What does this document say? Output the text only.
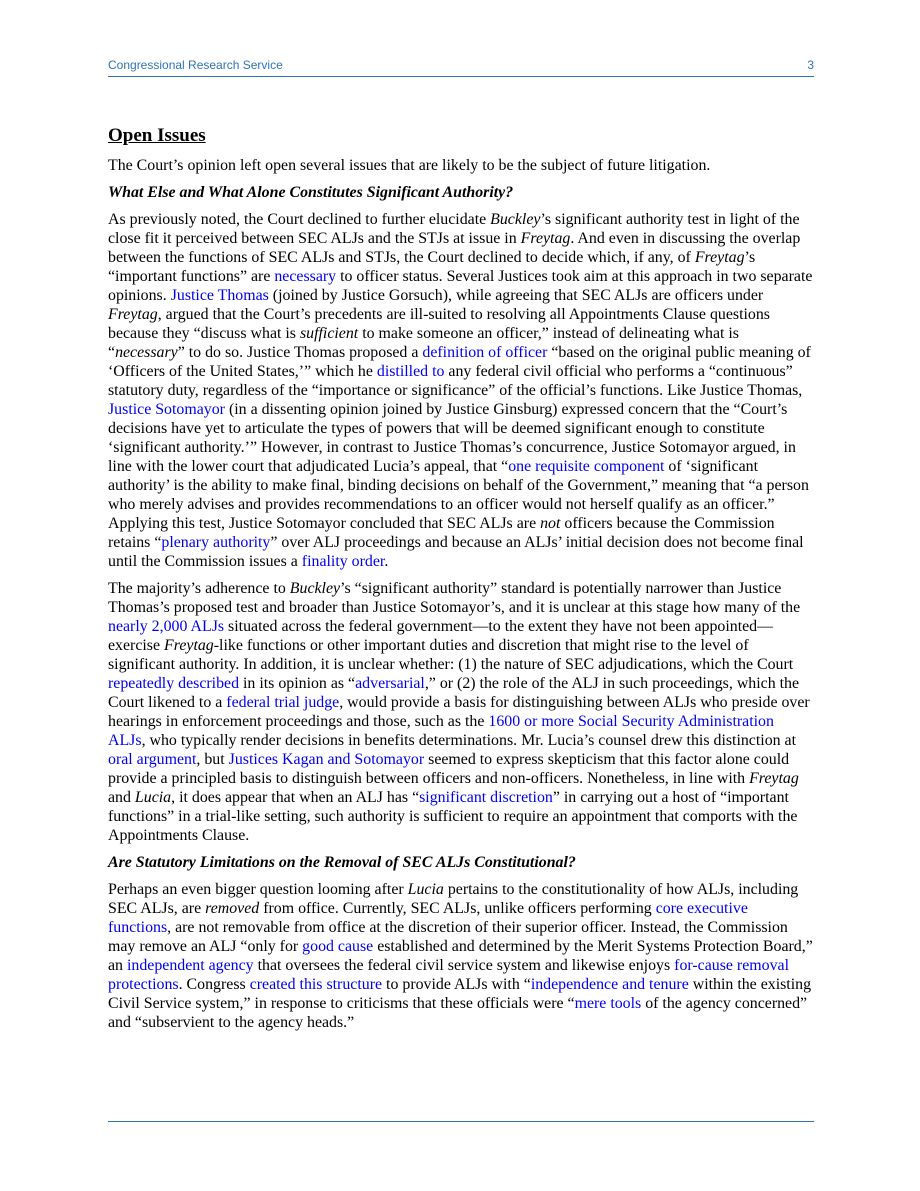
Congressional Research Service	3
Open Issues

The Court’s opinion left open several issues that are likely to be the subject of future litigation.

What Else and What Alone Constitutes Significant Authority?

As previously noted, the Court declined to further elucidate Buckley’s significant authority test in light of the close fit it perceived between SEC ALJs and the STJs at issue in Freytag. And even in discussing the overlap between the functions of SEC ALJs and STJs, the Court declined to decide which, if any, of Freytag’s “important functions” are necessary to officer status. Several Justices took aim at this approach in two separate opinions. Justice Thomas (joined by Justice Gorsuch), while agreeing that SEC ALJs are officers under Freytag, argued that the Court’s precedents are ill-suited to resolving all Appointments Clause questions because they “discuss what is sufficient to make someone an officer,” instead of delineating what is “necessary” to do so. Justice Thomas proposed a definition of officer “based on the original public meaning of ‘Officers of the United States,’” which he distilled to any federal civil official who performs a “continuous” statutory duty, regardless of the “importance or significance” of the official’s functions. Like Justice Thomas, Justice Sotomayor (in a dissenting opinion joined by Justice Ginsburg) expressed concern that the “Court’s decisions have yet to articulate the types of powers that will be deemed significant enough to constitute ‘significant authority.’” However, in contrast to Justice Thomas’s concurrence, Justice Sotomayor argued, in line with the lower court that adjudicated Lucia’s appeal, that “one requisite component of ‘significant authority’ is the ability to make final, binding decisions on behalf of the Government,” meaning that “a person who merely advises and provides recommendations to an officer would not herself qualify as an officer.” Applying this test, Justice Sotomayor concluded that SEC ALJs are not officers because the Commission retains “plenary authority” over ALJ proceedings and because an ALJs’ initial decision does not become final until the Commission issues a finality order.

The majority’s adherence to Buckley’s “significant authority” standard is potentially narrower than Justice Thomas’s proposed test and broader than Justice Sotomayor’s, and it is unclear at this stage how many of the nearly 2,000 ALJs situated across the federal government—to the extent they have not been appointed—exercise Freytag-like functions or other important duties and discretion that might rise to the level of significant authority. In addition, it is unclear whether: (1) the nature of SEC adjudications, which the Court repeatedly described in its opinion as “adversarial,” or (2) the role of the ALJ in such proceedings, which the Court likened to a federal trial judge, would provide a basis for distinguishing between ALJs who preside over hearings in enforcement proceedings and those, such as the 1600 or more Social Security Administration ALJs, who typically render decisions in benefits determinations. Mr. Lucia’s counsel drew this distinction at oral argument, but Justices Kagan and Sotomayor seemed to express skepticism that this factor alone could provide a principled basis to distinguish between officers and non-officers. Nonetheless, in line with Freytag and Lucia, it does appear that when an ALJ has “significant discretion” in carrying out a host of “important functions” in a trial-like setting, such authority is sufficient to require an appointment that comports with the Appointments Clause.

Are Statutory Limitations on the Removal of SEC ALJs Constitutional?

Perhaps an even bigger question looming after Lucia pertains to the constitutionality of how ALJs, including SEC ALJs, are removed from office. Currently, SEC ALJs, unlike officers performing core executive functions, are not removable from office at the discretion of their superior officer. Instead, the Commission may remove an ALJ “only for good cause established and determined by the Merit Systems Protection Board,” an independent agency that oversees the federal civil service system and likewise enjoys for-cause removal protections. Congress created this structure to provide ALJs with “independence and tenure within the existing Civil Service system,” in response to criticisms that these officials were “mere tools of the agency concerned” and “subservient to the agency heads.”
